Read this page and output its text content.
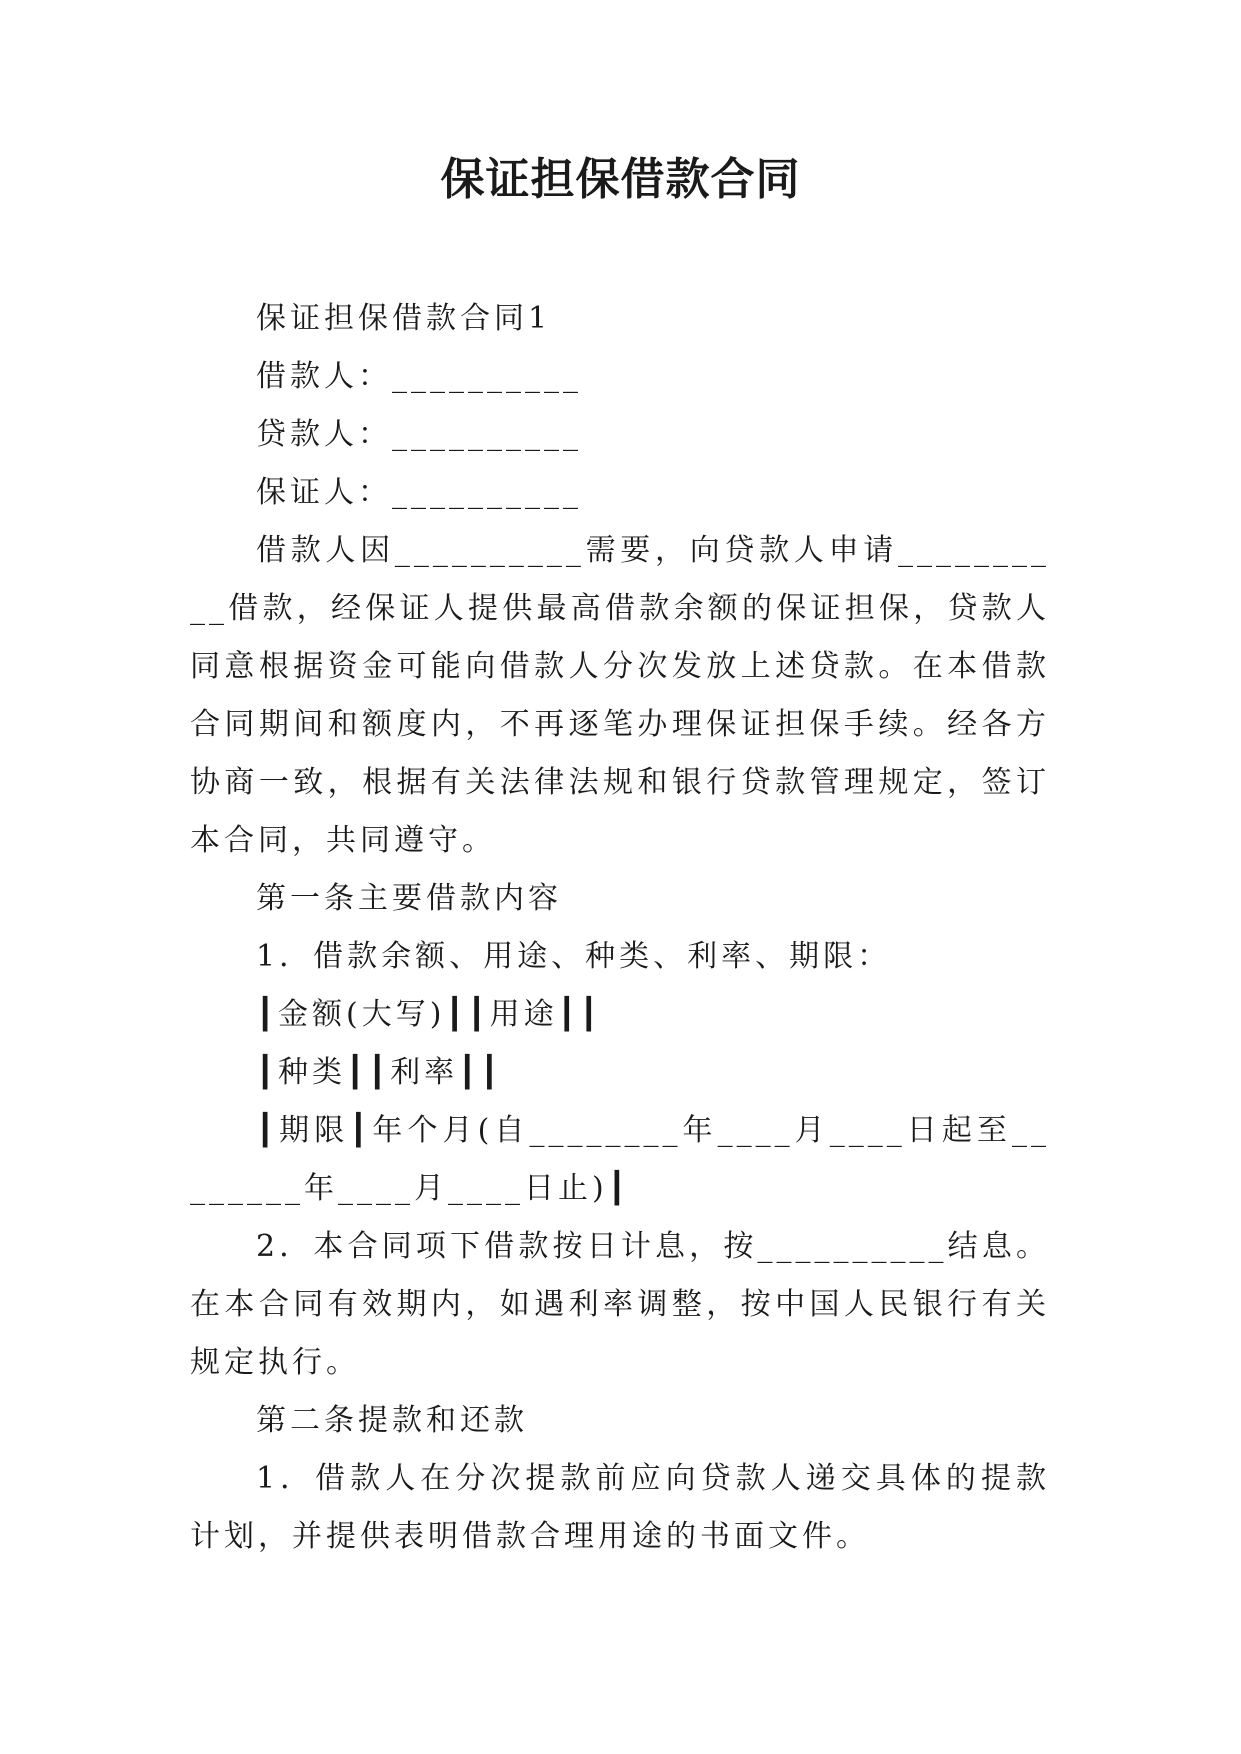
保证担保借款合同

保证担保借款合同1

借款人：__________

贷款人：__________

保证人：__________

借款人因__________需要，向贷款人申请__________借款，经保证人提供最高借款余额的保证担保，贷款人同意根据资金可能向借款人分次发放上述贷款。在本借款合同期间和额度内，不再逐笔办理保证担保手续。经各方协商一致，根据有关法律法规和银行贷款管理规定，签订本合同，共同遵守。

第一条主要借款内容

1．借款余额、用途、种类、利率、期限：

┃金额(大写)┃┃用途┃┃

┃种类┃┃利率┃┃

┃期限┃年个月(自________年____月____日起至________年____月____日止)┃

2．本合同项下借款按日计息，按__________结息。在本合同有效期内，如遇利率调整，按中国人民银行有关规定执行。

第二条提款和还款

1．借款人在分次提款前应向贷款人递交具体的提款计划，并提供表明借款合理用途的书面文件。
